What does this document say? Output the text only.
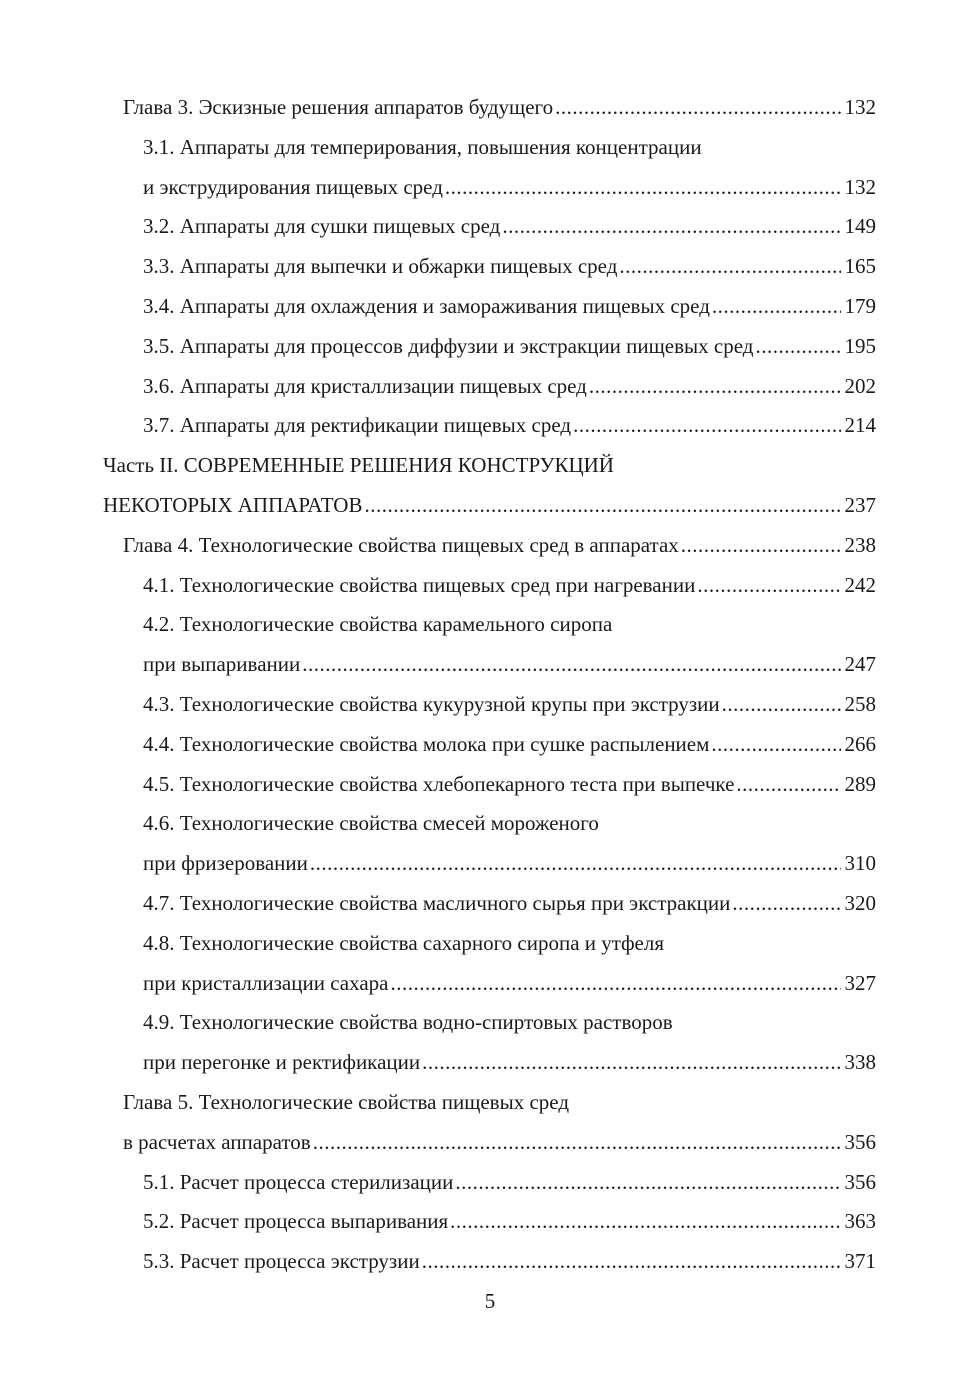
Глава 3. Эскизные решения аппаратов будущего .....	132
3.1. Аппараты для темперирования, повышения концентрации
и экструдирования пищевых сред .....	132
3.2. Аппараты для сушки пищевых сред .....	149
3.3. Аппараты для выпечки и обжарки пищевых сред .....	165
3.4. Аппараты для охлаждения и замораживания пищевых сред .....	179
3.5. Аппараты для процессов диффузии и экстракции пищевых сред .....	195
3.6. Аппараты для кристаллизации пищевых сред .....	202
3.7. Аппараты для ректификации пищевых сред .....	214
Часть II. СОВРЕМЕННЫЕ РЕШЕНИЯ КОНСТРУКЦИЙ
НЕКОТОРЫХ АППАРАТОВ .....	237
Глава 4. Технологические свойства пищевых сред в аппаратах .....	238
4.1. Технологические свойства пищевых сред при нагревании .....	242
4.2. Технологические свойства карамельного сиропа
при выпаривании .....	247
4.3. Технологические свойства кукурузной крупы при экструзии .....	258
4.4. Технологические свойства молока при сушке распылением .....	266
4.5. Технологические свойства хлебопекарного теста при выпечке .....	289
4.6. Технологические свойства смесей мороженого
при фризеровании .....	310
4.7. Технологические свойства масличного сырья при экстракции .....	320
4.8. Технологические свойства сахарного сиропа и утфеля
при кристаллизации сахара .....	327
4.9. Технологические свойства водно-спиртовых растворов
при перегонке и ректификации .....	338
Глава 5. Технологические свойства пищевых сред
в расчетах аппаратов .....	356
5.1. Расчет процесса стерилизации .....	356
5.2. Расчет процесса выпаривания .....	363
5.3. Расчет процесса экструзии .....	371
5
